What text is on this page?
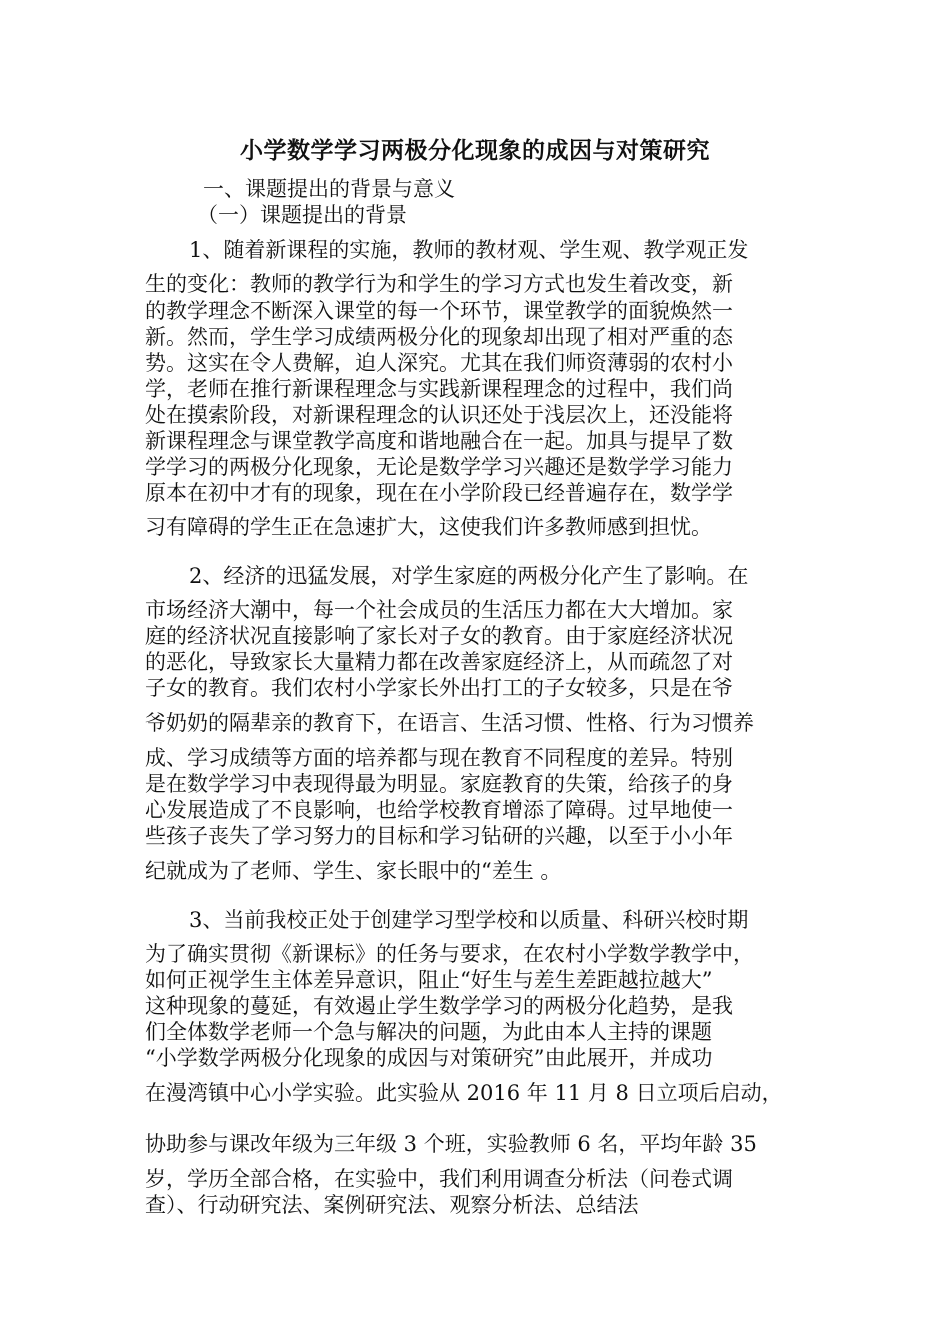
小学数学学习两极分化现象的成因与对策研究
一、课题提出的背景与意义
（一）课题提出的背景
1、随着新课程的实施，教师的教材观、学生观、教学观正发
生的变化：教师的教学行为和学生的学习方式也发生着改变，新
的教学理念不断深入课堂的每一个环节，课堂教学的面貌焕然一
新。然而，学生学习成绩两极分化的现象却出现了相对严重的态
势。这实在令人费解，迫人深究。尤其在我们师资薄弱的农村小
学，老师在推行新课程理念与实践新课程理念的过程中，我们尚
处在摸索阶段，对新课程理念的认识还处于浅层次上，还没能将
新课程理念与课堂教学高度和谐地融合在一起。加具与提早了数
学学习的两极分化现象，无论是数学学习兴趣还是数学学习能力
原本在初中才有的现象，现在在小学阶段已经普遍存在，数学学
习有障碍的学生正在急速扩大，这使我们许多教师感到担忧。
2、经济的迅猛发展，对学生家庭的两极分化产生了影响。在
市场经济大潮中，每一个社会成员的生活压力都在大大增加。家
庭的经济状况直接影响了家长对子女的教育。由于家庭经济状况
的恶化，导致家长大量精力都在改善家庭经济上，从而疏忽了对
子女的教育。我们农村小学家长外出打工的子女较多，只是在爷
爷奶奶的隔辈亲的教育下，在语言、生活习惯、性格、行为习惯养
成、学习成绩等方面的培养都与现在教育不同程度的差异。特别
是在数学学习中表现得最为明显。家庭教育的失策，给孩子的身
心发展造成了不良影响，也给学校教育增添了障碍。过早地使一
些孩子丧失了学习努力的目标和学习钻研的兴趣，以至于小小年
纪就成为了老师、学生、家长眼中的“差生 。
3、当前我校正处于创建学习型学校和以质量、科研兴校时期
为了确实贯彻《新课标》的任务与要求，在农村小学数学教学中，
如何正视学生主体差异意识，阻止“好生与差生差距越拉越大”
这种现象的蔓延，有效遏止学生数学学习的两极分化趋势，是我
们全体数学老师一个急与解决的问题，为此由本人主持的课题
“小学数学两极分化现象的成因与对策研究”由此展开，并成功
在漫湾镇中心小学实验。此实验从 2016 年 11 月 8 日立项后启动，
协助参与课改年级为三年级 3 个班，实验教师 6 名，平均年龄 35
岁，学历全部合格，在实验中，我们利用调查分析法（问卷式调
查）、行动研究法、案例研究法、观察分析法、总结法
